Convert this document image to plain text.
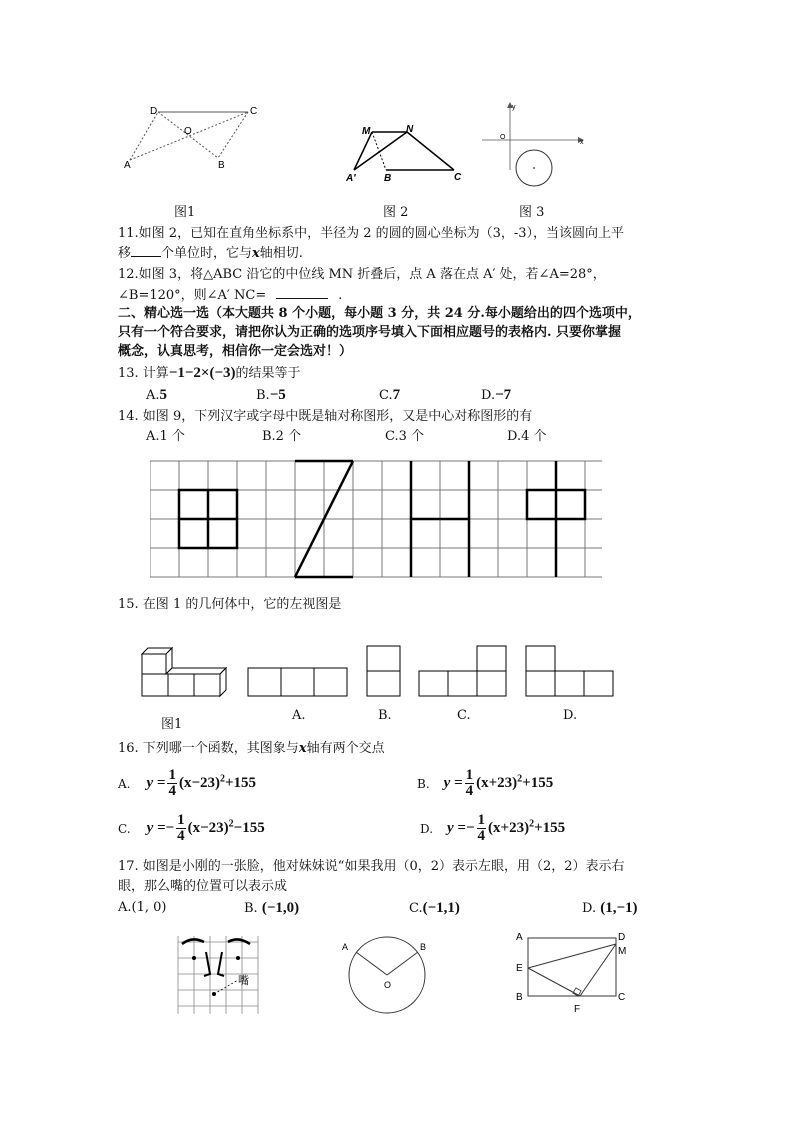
D	C
O
A	B
M	N
A′	B	C
x
y
O
图1	图 2	图 3
11.如图 2，已知在直角坐标系中，半径为 2 的圆的圆心坐标为（3，-3），当该圆向上平
移 个单位时，它与x轴相切.
12.如图 3，将△ABC 沿它的中位线 MN 折叠后，点 A 落在点 A′ 处，若∠A=28°，
∠B=120°，则∠A′ NC=	.
二、精心选一选（本大题共 8 个小题，每小题 3 分，共 24 分.每小题给出的四个选项中，
只有一个符合要求，请把你认为正确的选项序号填入下面相应题号的表格内. 只要你掌握
概念，认真思考，相信你一定会选对！）
13. 计算−1−2×(−3)的结果等于
A.5	B.−5	C.7	D.−7
14. 如图 9，下列汉字或字母中既是轴对称图形，又是中心对称图形的有
A.1 个	B.2 个	C.3 个	D.4 个
15. 在图 1 的几何体中，它的左视图是
图1
A.	B.	C.	D.
16. 下列哪一个函数，其图象与x轴有两个交点
A. $y = \frac{1}{4} (x-23)^2+155$	B. $y = \frac{1}{4} (x+23)^2+155$
C. $y =- \frac{1}{4} (x-23)^2-155$	D. $y =- \frac{1}{4} (x+23)^2+155$
17. 如图是小刚的一张脸，他对妹妹说“如果我用（0，2）表示左眼，用（2，2）表示右
眼，那么嘴的位置可以表示成
A.(1, 0)	B. (−1,0)	C.(−1,1)	D. (1,−1)
嘴
A	B
O
A	D
M
E
B	C
F
